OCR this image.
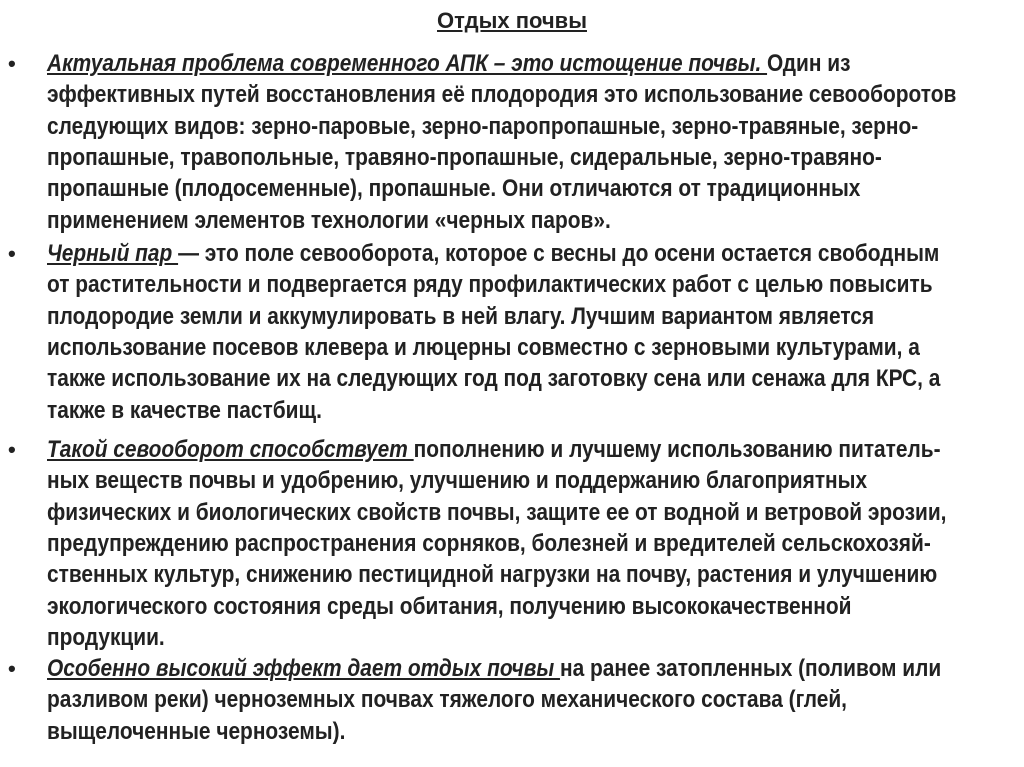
Отдых почвы
• Актуальная проблема современного АПК – это истощение почвы. Один из
эффективных путей восстановления её плодородия это использование севооборотов
следующих видов: зерно-паровые, зерно-паропропашные, зерно-травяные, зерно-
пропашные, травопольные, травяно-пропашные, сидеральные, зерно-травяно-
пропашные (плодосеменные), пропашные. Они отличаются от традиционных
применением элементов технологии «черных паров».
• Черный пар — это поле севооборота, которое с весны до осени остается свободным
от растительности и подвергается ряду профилактических работ с целью повысить
плодородие земли и аккумулировать в ней влагу. Лучшим вариантом является
использование посевов клевера и люцерны совместно с зерновыми культурами, а
также использование их на следующих год под заготовку сена или сенажа для КРС, а
также в качестве пастбищ.
• Такой севооборот способствует пополнению и лучшему использованию питатель-
ных веществ почвы и удобрению, улучшению и поддержанию благоприятных
физических и биологических свойств почвы, защите ее от водной и ветровой эрозии,
предупреждению распространения сорняков, болезней и вредителей сельскохозяй-
ственных культур, снижению пестицидной нагрузки на почву, растения и улучшению
экологического состояния среды обитания, получению высококачественной
продукции.
• Особенно высокий эффект дает отдых почвы на ранее затопленных (поливом или
разливом реки) черноземных почвах тяжелого механического состава (глей,
выщелоченные черноземы).
